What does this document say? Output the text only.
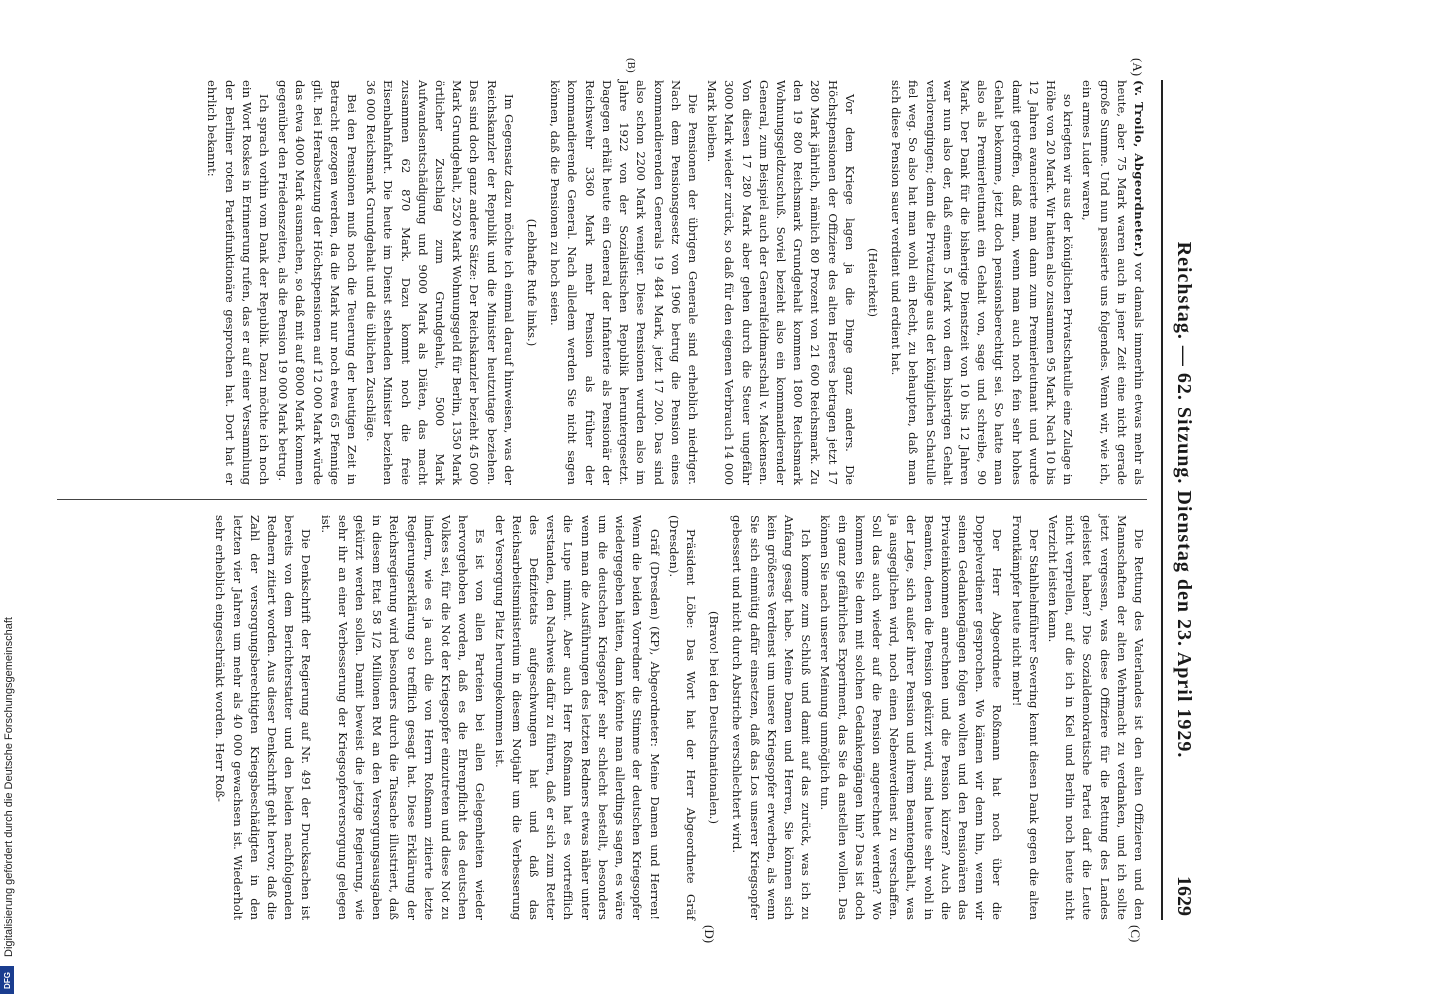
Reichstag. — 62. Sitzung. Dienstag den 23. April 1929.
1629
(A)
(B)
(C)
(D)

(v. Troilo, Abgeordneter.) vor damals immerhin etwas mehr als heute, aber 75 Mark waren auch in jener Zeit eine nicht gerade große Summe. Und nun passierte uns folgendes. Wenn wir, wie ich, ein armes Luder waren,

so kriegten wir aus der königlichen Privatschatulle eine Zulage in Höhe von 20 Mark. Wir hatten also zusammen 95 Mark. Nach 10 bis 12 Jahren avancierte man dann zum Premierleutnant und wurde damit getroffen, daß man, wenn man auch noch fein sehr hohes Gehalt bekomme, jetzt doch pensionsberechtigt sei. So hatte man also als Premierleutnant ein Gehalt von, sage und schreibe, 90 Mark. Der Dank für die bisherige Dienstzeit von 10 bis 12 Jahren war nun also der, daß einem 5 Mark von dem bisherigen Gehalt verlorengingen; denn die Privatzulage aus der königlichen Schatulle fiel weg. So also hat man wohl ein Recht, zu behaupten, daß man sich diese Pension sauer verdient und erdient hat.

(Heiterkeit)

Vor dem Kriege lagen ja die Dinge ganz anders. Die Höchstpensionen der Offiziere des alten Heeres betragen jetzt 17 280 Mark jährlich, nämlich 80 Prozent von 21 600 Reichsmark. Zu den 19 800 Reichsmark Grundgehalt kommen 1800 Reichsmark Wohnungsgeldzuschuß. Soviel bezieht also ein kommandierender General, zum Beispiel auch der Generalfeldmarschall v. Mackensen. Von diesen 17 280 Mark aber gehen durch die Steuer ungefähr 3000 Mark wieder zurück, so daß für den eigenen Verbrauch 14 000 Mark bleiben.

Die Pensionen der übrigen Generale sind erheblich niedriger. Nach dem Pensionsgesetz von 1906 betrug die Pension eines kommandierenden Generals 19 484 Mark, jetzt 17 200. Das sind also schon 2200 Mark weniger. Diese Pensionen wurden also im Jahre 1922 von der Sozialistischen Republik heruntergesetzt. Dagegen erhält heute ein General der Infanterie als Pensionär der Reichswehr 3360 Mark mehr Pension als früher der kommandierende General. Nach alledem werden Sie nicht sagen können, daß die Pensionen zu hoch seien.

(Lebhafte Rufe links.)

Im Gegensatz dazu möchte ich einmal darauf hinweisen, was der Reichskanzler der Republik und die Minister heutzutage beziehen. Das sind doch ganz andere Sätze: Der Reichskanzler bezieht 45 000 Mark Grundgehalt, 2520 Mark Wohnungsgeld für Berlin, 1350 Mark örtlicher Zuschlag zum Grundgehalt, 5000 Mark Aufwandsentschädigung und 9000 Mark als Diäten, das macht zusammen 62 870 Mark. Dazu kommt noch die freie Eisenbahnfahrt. Die heute im Dienst stehenden Minister beziehen 36 000 Reichsmark Grundgehalt und die üblichen Zuschläge.

Bei den Pensionen muß noch die Teuerung der heutigen Zeit in Betracht gezogen werden, da die Mark nur noch etwa 65 Pfennige gilt. Bei Herabsetzung der Höchstpensionen auf 12 000 Mark würde das etwa 4000 Mark ausmachen, so daß mit auf 8000 Mark kommen gegenüber den Friedenszeiten, als die Pension 19 000 Mark betrug.

Ich sprach vorhin vom Dank der Republik. Dazu möchte ich noch ein Wort Roskes in Erinnerung rufen, das er auf einer Versammlung der Berliner roten Parteifunktionäre gesprochen hat. Dort hat er ehrlich bekannt:

Die Rettung des Vaterlandes ist den alten Offizieren und den Mannschaften der alten Wehrmacht zu verdanken, und ich sollte jetzt vergessen, was diese Offiziere für die Rettung des Landes geleistet haben? Die Sozialdemokratische Partei darf die Leute nicht verprellen, auf die ich in Kiel und Berlin noch heute nicht Verzicht leisten kann.

Der Stahlhelmführer Severing kennt diesen Dank gegen die alten Frontkämpfer heute nicht mehr!

Der Herr Abgeordnete Roßmann hat noch über die Doppelverdiener gesprochen. Wo kämen wir denn hin, wenn wir seinen Gedankengängen folgen wollten und den Pensionären das Privateinkommen anrechnen und die Pension kürzen? Auch die Beamten, denen die Pension gekürzt wird, sind heute sehr wohl in der Lage, sich außer ihrer Pension und ihrem Beamtengehalt, was ja ausgeglichen wird, noch einen Nebenverdienst zu verschaffen. Soll das auch wieder auf die Pension angerechnet werden? Wo kommen Sie denn mit solchen Gedankengängen hin? Das ist doch ein ganz gefährliches Experiment, das Sie da anstellen wollen. Das können Sie nach unserer Meinung unmöglich tun.

Ich komme zum Schluß und damit auf das zurück, was ich zu Anfang gesagt habe. Meine Damen und Herren, Sie können sich kein größeres Verdienst um unsere Kriegsopfer erwerben, als wenn Sie sich einmütig dafür einsetzen, daß das Los unserer Kriegsopfer gebessert und nicht durch Abstriche verschlechtert wird.

(Bravo! bei den Deutschnationalen.)

Präsident Löbe: Das Wort hat der Herr Abgeordnete Gräf (Dresden).

Gräf (Dresden) (KP), Abgeordneter: Meine Damen und Herren! Wenn die beiden Vorredner die Stimme der deutschen Kriegsopfer wiedergegeben hätten, dann könnte man allerdings sagen, es wäre um die deutschen Kriegsopfer sehr schlecht bestellt, besonders wenn man die Ausführungen des letzten Redners etwas näher unter die Lupe nimmt. Aber auch Herr Roßmann hat es vortrefflich verstanden, den Nachweis dafür zu führen, daß er sich zum Retter des Defizitetats aufgeschwungen hat und daß das Reichsarbeitsministerium in diesem Notjahr um die Verbesserung der Versorgung Platz herumgekommen ist.

Es ist von allen Parteien bei allen Gelegenheiten wieder hervorgehoben worden, daß es die Ehrenpflicht des deutschen Volkes sei, für die Not der Kriegsopfer einzutreten und diese Not zu lindern, wie es ja auch die von Herrn Roßmann zitierte letzte Regierungserklärung so trefflich gesagt hat. Diese Erklärung der Reichsregierung wird besonders durch die Tatsache illustriert, daß in diesem Etat 58 1/2 Millionen RM an den Versorgungsausgaben gekürzt werden sollen. Damit beweist die jetzige Regierung, wie sehr ihr an einer Verbesserung der Kriegsopferversorgung gelegen ist.

Die Denkschrift der Regierung auf Nr. 491 der Drucksachen ist bereits von dem Berichterstatter und den beiden nachfolgenden Rednern zitiert worden. Aus dieser Denkschrift geht hervor, daß die Zahl der versorgungsberechtigten Kriegsbeschädigten in den letzten vier Jahren um mehr als 40 000 gewachsen ist. Wiederholt sehr erheblich eingeschränkt worden. Herr Roß-

Digitalisierung gefördert durch die Deutsche Forschungsgemeinschaft
DFG
